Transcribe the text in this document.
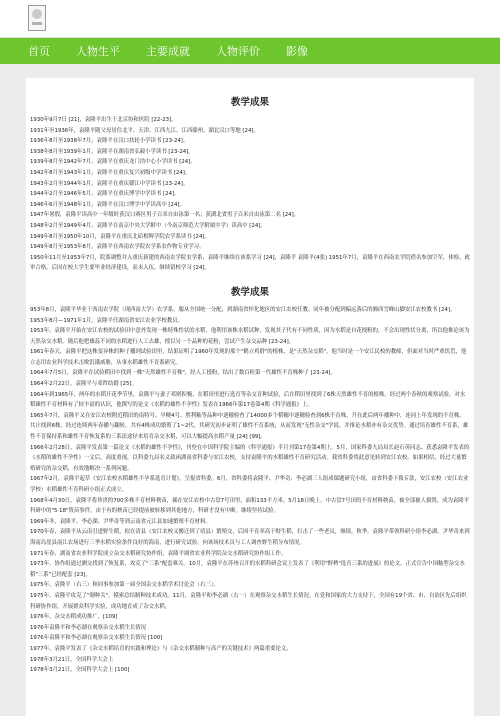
首页 人物生平 主要成就 人物评价 影像
教学成果
1930年9月7日 [21]，袁隆平出生于北京协和医院 [22-23]。
1931年至1936年，袁隆平随父母居住北平、天津、江西九江、江西赣州、湖北汉口等地 [24]。
1936年8月至1938年7月，袁隆平在汉口扶轮小学读书 [23-24]。
1938年8月至1939年1月，袁隆平在湖南省弘毅小学读书 [23-24]。
1939年8月至1942年7月，袁隆平在重庆龙门浩中心小学读书 [24]。
1942年8月至1943年1月，袁隆平在重庆复兴初级中学读书 [24]。
1943年2月至1944年1月，袁隆平在重庆赣江中学读书 [23-24]。
1944年2月至1946年5月，袁隆平在重庆博学中学读书 [24]。
1946年6月至1948年1月，袁隆平在汉口博学中学读高中 [24]。
1947年暑假，袁隆平读高中一年级时获汉口赛区男子百米自由泳第一名；获湖北省男子百米自由泳第二名 [24]。
1948年2月至1949年4月，袁隆平在南京中央大学附中（今南京师范大学附属中学）读高中 [24]。
1949年8月至1950年10月，袁隆平在重庆北碚相辉学院农学系读书 [24]。
1949年8月至1953年8月，袁隆平在西南农学院农学系农作物专业学习。
1950年11月至1953年7月，院系调整并入重庆新建的西南农学院农学系，袁隆平继续在该系学习 [24]，袁隆平 袁隆平(4张) 1951年7月，袁隆平在西南农学院借名参加空军，体检、政审合格，后因在校大学生要毕业经济建设，而未入伍，继续留校学习 [24]。
教学成果
953年8月，袁隆平毕业于西南农学院（现西南大学）农学系。服从全国统一分配，到湖南省怀化地区的安江农校任教。同年被分配到偏远落后的湘西雪峰山脚安江农校教书 [24]。
1953年8月—1971年1月，袁隆平任湖南省安江农业学校教员。
1953年，袁隆平开始在安江农校的试验田中意外发现一株特殊性状的水稻，他利用该株水稻试种，发现其子代有不同性质，因为水稻是自花授粉的，不会出现性状分离，所以他推论该为天然杂交水稻。随后他把雄蕊不同的水稻进行人工去雄，授以另一个品种的花粉，尝试产生杂交品种 [23-24]。
1961年春天，袁隆平把这株变异株的种子播到试验田里，结果证明了1960年发现的那个"鹤立鸡群"的植株，是"天然杂交稻"，他当时是一个安江民校的教师，但面对当时严重饥荒，他立志用农业科学技术击败饥饿威胁，从事水稻雄性不育系研究。
1964年7月5日，袁隆平在试验稻田中找到一株"天然雄性不育株"，经人工授粉，结出了数百粒第一代雄性不育株种子 [23-24]。
1964年2月22日，袁隆平与邓哲结婚 [25]。
1964年到1965年，两年的水稻开花季节里，袁隆平与妻子邓则积极、在稻田里进行选育等杂交育种试验，后在稻田里找到了6株天然雄性不育的植株。经过两个春秋的观察试验，对水稻雄性不育材料有了较丰富的认识，他撰写的论文《水稻的雄性不孕性》发表在1966年第17卷第4期《科学通报》上。
1965年7月，袁隆平又在安江农校附近稻田的南特号、早粳4号、胜利籼等品种中逐穗检查了14000多个稻穗中逐穗检查到6株不育株。升在此后两年播种中，连同上年发现的不育株，共计找到6株。经过连续两年春播与翻转，共有4株成功繁殖了1~2代。其研究初步证明了雄性不育系统，从而发现"无性杂交"学说、并推论水稻亦有杂交优势。通过培育雄性不育系，雄性不育保持系和雄性不育恢复系的三系法途径来培育杂交水稻，可以大幅提高水稻产量 [24] [99]。
1966年2月28日，袁隆平发表第一篇论文《水稻的雄性不孕性》，刊登在中国科学院主编的《科学通报》半月刊第17卷第4期上。5月，国家科委九局局长赵石英同志、获悉袁隆平发表的《水稻的雄性不孕性》一文后，高度重视，以科委九局名义致函湖南省科委与安江农校，支持袁隆平的水稻雄性不育研究活动。我省科委将此意见转到安江农校。如果相信，经过大量繁殖研究的杂交稻，有效地解决一系列问题。
1967年2月，袁隆平起草《安江农校水稻雄性不孕系选育计划》，呈报省科委。6月，省科委将袁隆平、尹华奇、李必湖三人组成课题研究小组，由省科委下拨专款，安江农校（安江农业学校）水稻雄性不育科研小组正式成立。
1968年4月30日，袁隆平将珍贵的700多株不育材料秧苗，插在安江农校中古盘7号田里，面积133平方米。5月18日晚上，中古盘7号田的不育材料秧苗，被全部被人拔毁。成为袁隆平科研中的"5·18"毁苗事件，由于有的秧苗已经提前被转移到其他地方，科研才没有中断。继续坚持试验。
1969年冬，袁隆平、李必湖、尹华奇等到云南省元江县加速繁殖不育材料。
1970年春，袁隆平从云南引进野生稻，拟在清县（安江农校又搬迁到了靖县）繁殖交，后因不育率高于野生稻，打击了一些老员，继续。秋季，袁隆平带领科研小组李必湖、尹华奇来到海南岛崖县南江农场进行三季水稻实验条件良好的海南，进行研究试验，向该场技术员与工人调查野生稻分布情况。
1971年春，湖南省农业科学院成立杂交水稻研究协作组，袁隆平调省农业科学院杂交水稻研究协作组工作。
1973年，协作组通过测交找到了恢复系，攻克了"三系"配套难关。10月，袁隆平在苏州召开的水稻科研会议上发表了《利用"野稗"选育三系的进展》的论文，正式宣告中国籼型杂交水稻"三系"已经配套 [23]。
1975年，袁隆平（右三）和同事参加第一届全国杂交水稻学术讨论会（右三）。
1975年，袁隆平攻克了"制种关"，摸索总结制种技术成功。11月，袁隆平和李必湖（右一）在观察杂交水稻生长情况。在党和国家的大力支持下，全国有19个省、市、自治区先后组织科研协作组，开展群众科学实验，成功地育成了杂交水稻。
1976年，杂交水稻成功推广。[109]
1976年袁隆平和李必湖在观察杂交水稻生长情况
1976年袁隆平和李必湖在观察杂交水稻生长情况 [100]
1977年，袁隆平发表了《杂交水稻培育的实践和理论》与《杂交水稻制种与高产的关键技术》两篇重要论文。
1978年3月21日，全国科学大会上
1978年3月21日，全国科学大会上 [100]
